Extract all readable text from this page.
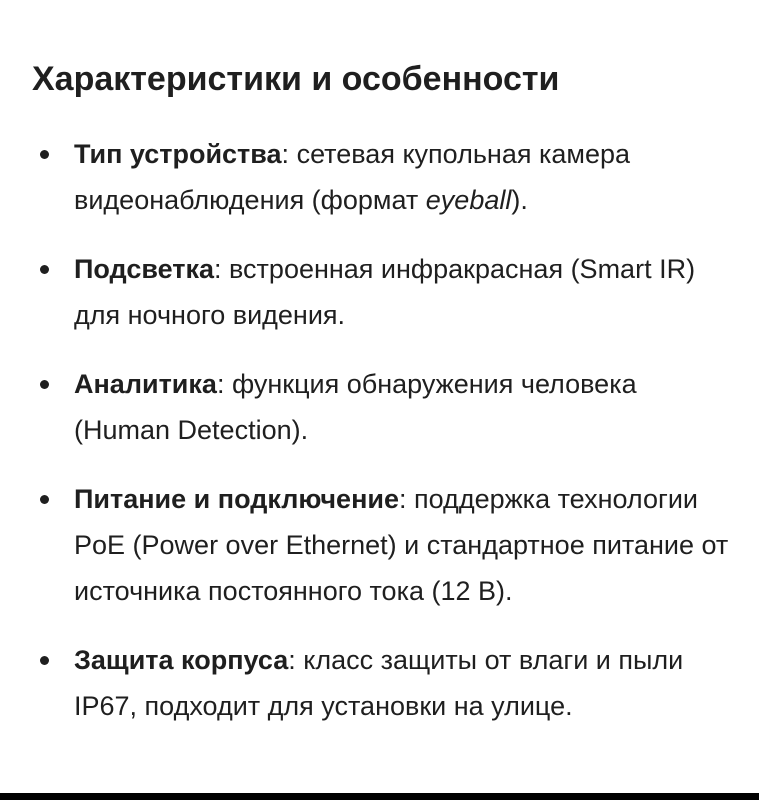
Характеристики и особенности
Тип устройства: сетевая купольная камера видеонаблюдения (формат eyeball).
Подсветка: встроенная инфракрасная (Smart IR) для ночного видения.
Аналитика: функция обнаружения человека (Human Detection).
Питание и подключение: поддержка технологии PoE (Power over Ethernet) и стандартное питание от источника постоянного тока (12 В).
Защита корпуса: класс защиты от влаги и пыли IP67, подходит для установки на улице.
